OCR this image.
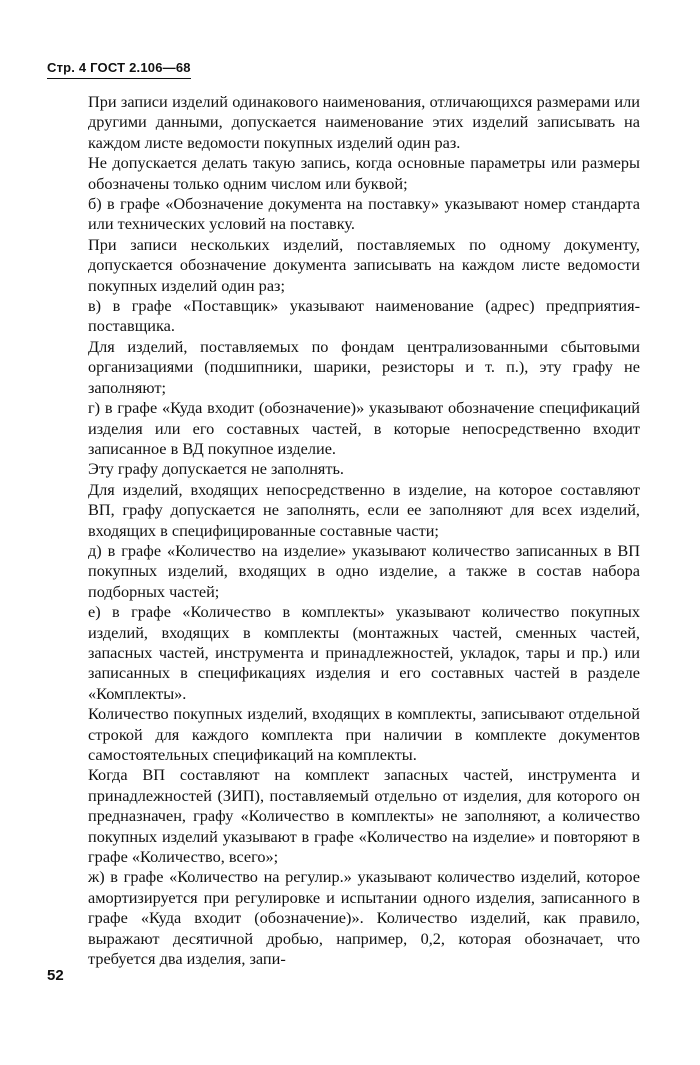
Стр. 4 ГОСТ 2.106—68

При записи изделий одинакового наименования, отличающихся размерами или другими данными, допускается наименование этих изделий записывать на каждом листе ведомости покупных изделий один раз.

Не допускается делать такую запись, когда основные параметры или размеры обозначены только одним числом или буквой;

б) в графе «Обозначение документа на поставку» указывают номер стандарта или технических условий на поставку.

При записи нескольких изделий, поставляемых по одному документу, допускается обозначение документа записывать на каждом листе ведомости покупных изделий один раз;

в) в графе «Поставщик» указывают наименование (адрес) предприятия-поставщика.

Для изделий, поставляемых по фондам централизованными сбытовыми организациями (подшипники, шарики, резисторы и т. п.), эту графу не заполняют;

г) в графе «Куда входит (обозначение)» указывают обозначение спецификаций изделия или его составных частей, в которые непосредственно входит записанное в ВД покупное изделие.

Эту графу допускается не заполнять.

Для изделий, входящих непосредственно в изделие, на которое составляют ВП, графу допускается не заполнять, если ее заполняют для всех изделий, входящих в специфицированные составные части;

д) в графе «Количество на изделие» указывают количество записанных в ВП покупных изделий, входящих в одно изделие, а также в состав набора подборных частей;

е) в графе «Количество в комплекты» указывают количество покупных изделий, входящих в комплекты (монтажных частей, сменных частей, запасных частей, инструмента и принадлежностей, укладок, тары и пр.) или записанных в спецификациях изделия и его составных частей в разделе «Комплекты».

Количество покупных изделий, входящих в комплекты, записывают отдельной строкой для каждого комплекта при наличии в комплекте документов самостоятельных спецификаций на комплекты.

Когда ВП составляют на комплект запасных частей, инструмента и принадлежностей (ЗИП), поставляемый отдельно от изделия, для которого он предназначен, графу «Количество в комплекты» не заполняют, а количество покупных изделий указывают в графе «Количество на изделие» и повторяют в графе «Количество, всего»;

ж) в графе «Количество на регулир.» указывают количество изделий, которое амортизируется при регулировке и испытании одного изделия, записанного в графе «Куда входит (обозначение)». Количество изделий, как правило, выражают десятичной дробью, например, 0,2, которая обозначает, что требуется два изделия, запи-

52
